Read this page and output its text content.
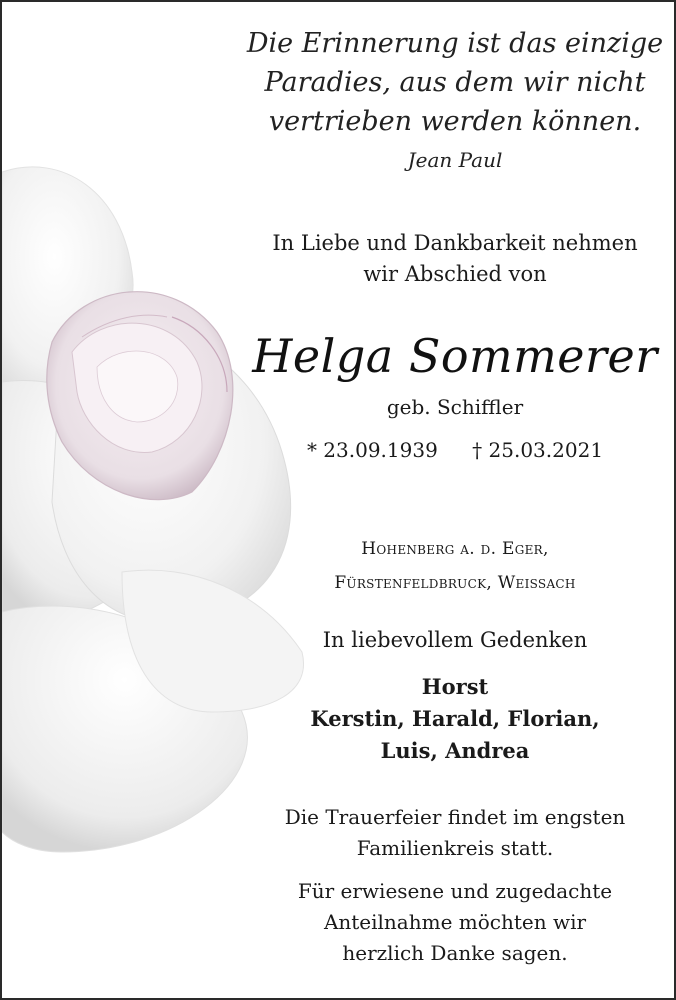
Die Erinnerung ist das einzige
Paradies, aus dem wir nicht
vertrieben werden können.
Jean Paul
In Liebe und Dankbarkeit nehmen
wir Abschied von
Helga Sommerer
geb. Schiffler
* 23.09.1939 † 25.03.2021
Hohenberg a. d. Eger,
Fürstenfeldbruck, Weissach
In liebevollem Gedenken
Horst
Kerstin, Harald, Florian,
Luis, Andrea
Die Trauerfeier findet im engsten
Familienkreis statt.
Für erwiesene und zugedachte
Anteilnahme möchten wir
herzlich Danke sagen.
